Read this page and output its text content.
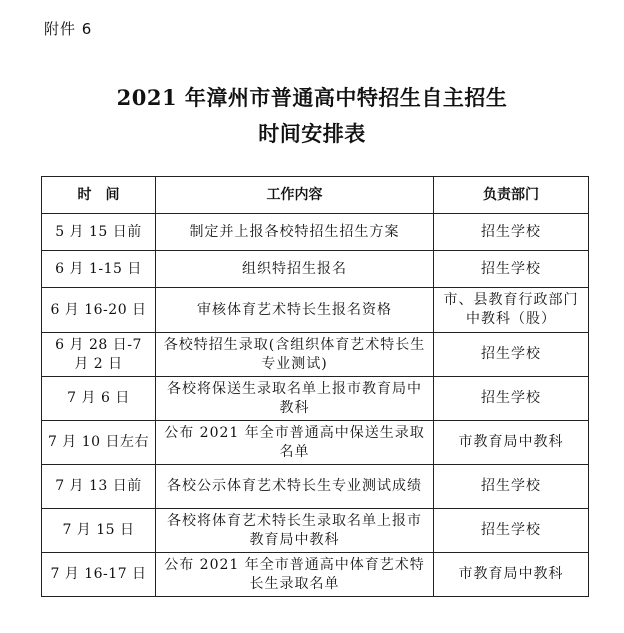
附件 6
2021 年漳州市普通高中特招生自主招生
时间安排表
时　间	工作内容	负责部门
5 月 15 日前	制定并上报各校特招生招生方案	招生学校
6 月 1-15 日	组织特招生报名	招生学校
6 月 16-20 日	审核体育艺术特长生报名资格	市、县教育行政部门中教科（股）
6 月 28 日-7 月 2 日	各校特招生录取(含组织体育艺术特长生专业测试)	招生学校
7 月 6 日	各校将保送生录取名单上报市教育局中教科	招生学校
7 月 10 日左右	公布 2021 年全市普通高中保送生录取名单	市教育局中教科
7 月 13 日前	各校公示体育艺术特长生专业测试成绩	招生学校
7 月 15 日	各校将体育艺术特长生录取名单上报市教育局中教科	招生学校
7 月 16-17 日	公布 2021 年全市普通高中体育艺术特长生录取名单	市教育局中教科
